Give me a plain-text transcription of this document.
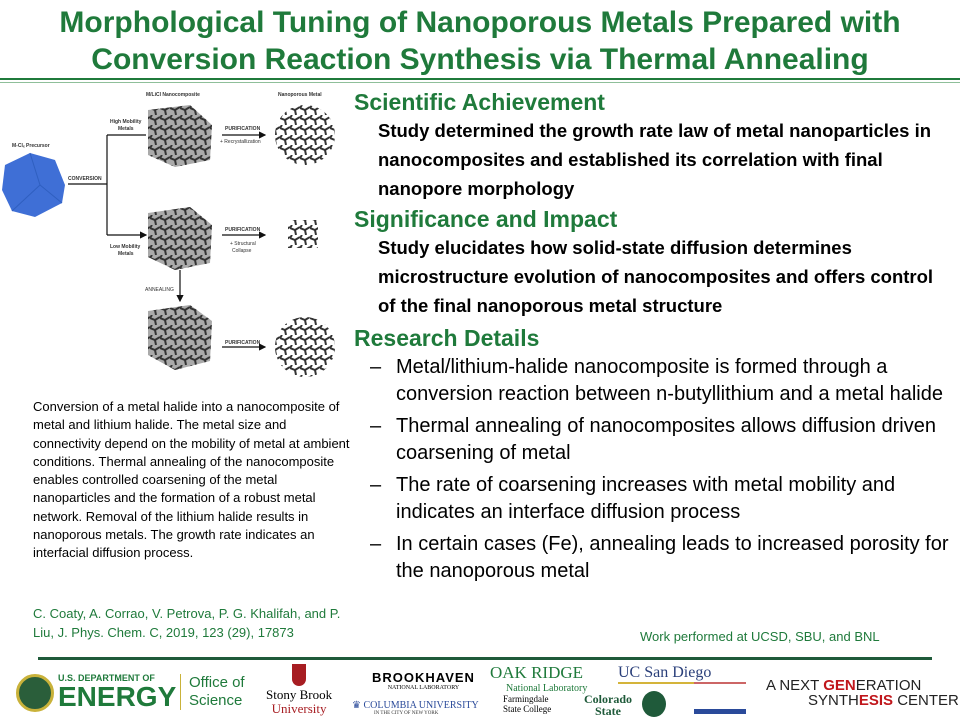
Morphological Tuning of Nanoporous Metals Prepared with
Conversion Reaction Synthesis via Thermal Annealing
M/LiCl Nanocomposite	Nanoporous Metal
M-Clₓ Precursor
CONVERSION
High Mobility
Metals
Low Mobility
Metals
PURIFICATION
+ Recrystallization
PURIFICATION
+ Structural
Collapse
ANNEALING
PURIFICATION
Conversion of a metal halide into a nanocomposite of metal and lithium halide. The metal size and connectivity depend on the mobility of metal at ambient conditions. Thermal annealing of the nanocomposite enables controlled coarsening of the metal nanoparticles and the formation of a robust metal network. Removal of the lithium halide results in nanoporous metals. The growth rate indicates an interfacial diffusion process.
C. Coaty, A. Corrao, V. Petrova, P. G. Khalifah, and P. Liu, J. Phys. Chem. C, 2019, 123 (29), 17873
Scientific Achievement
Study determined the growth rate law of metal nanoparticles in nanocomposites and established its correlation with final nanopore morphology
Significance and Impact
Study elucidates how solid-state diffusion determines microstructure evolution of nanocomposites and offers control of the final nanoporous metal structure
Research Details
– Metal/lithium-halide nanocomposite is formed through a conversion reaction between n-butyllithium and a metal halide
– Thermal annealing of nanocomposites allows diffusion driven coarsening of metal
– The rate of coarsening increases with metal mobility and indicates an interface diffusion process
– In certain cases (Fe), annealing leads to increased porosity for the nanoporous metal
Work performed at UCSD, SBU, and BNL
U.S. DEPARTMENT OF
ENERGY Office of
Science Stony Brook
University
BROOKHAVEN
NATIONAL LABORATORY
♛ COLUMBIA UNIVERSITY
IN THE CITY OF NEW YORK
OAK RIDGE
National Laboratory
Farmingdale
State College
UC San Diego
Colorado
State
A NEXT GENERATION
SYNTHESIS CENTER
